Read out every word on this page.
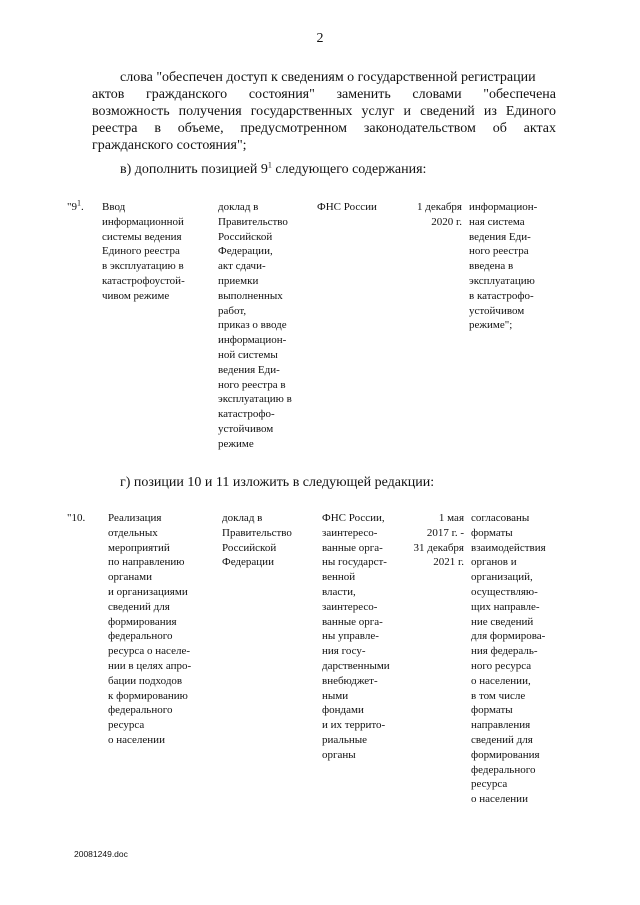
2
слова "обеспечен доступ к сведениям о государственной регистрации
актов гражданского состояния" заменить словами "обеспечена
возможность получения государственных услуг и сведений из Единого
реестра в объеме, предусмотренном законодательством об актах
гражданского состояния";
в) дополнить позицией $9^1$ следующего содержания:
"$9^1$. Ввод
информационной
системы ведения
Единого реестра
в эксплуатацию в
катастрофоустой-
чивом режиме
доклад в
Правительство
Российской
Федерации,
акт сдачи-
приемки
выполненных
работ,
приказ о вводе
информацион-
ной системы
ведения Еди-
ного реестра в
эксплуатацию в
катастрофо-
устойчивом
режиме
ФНС России	1 декабря
2020 г.
информацион-
ная система
ведения Еди-
ного реестра
введена в
эксплуатацию
в катастрофо-
устойчивом
режиме";
г) позиции 10 и 11 изложить в следующей редакции:
"10. Реализация
отдельных
мероприятий
по направлению
органами
и организациями
сведений для
формирования
федерального
ресурса о населе-
нии в целях апро-
бации подходов
к формированию
федерального
ресурса
о населении
доклад в
Правительство
Российской
Федерации
ФНС России,
заинтересо-
ванные орга-
ны государст-
венной
власти,
заинтересо-
ванные орга-
ны управле-
ния госу-
дарственными
внебюджет-
ными
фондами
и их террито-
риальные
органы
1 мая
2017 г. -
31 декабря
2021 г.
согласованы
форматы
взаимодействия
органов и
организаций,
осуществляю-
щих направле-
ние сведений
для формирова-
ния федераль-
ного ресурса
о населении,
в том числе
форматы
направления
сведений для
формирования
федерального
ресурса
о населении
20081249.doc
